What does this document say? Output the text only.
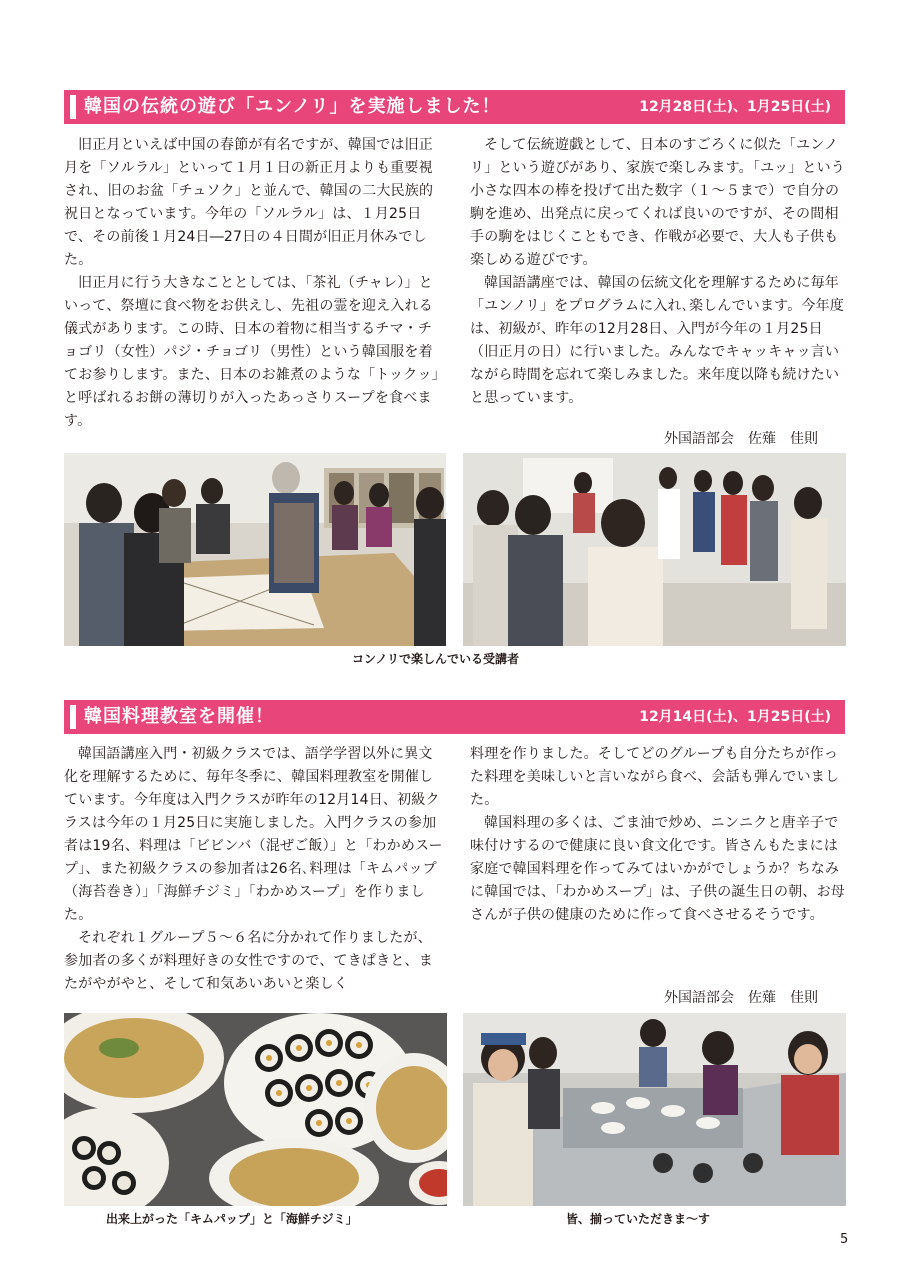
韓国の伝統の遊び「ユンノリ」を実施しました！	12月28日(土)、1月25日(土)

旧正月といえば中国の春節が有名ですが、韓国では旧正月を「ソルラル」といって１月１日の新正月よりも重要視され、旧のお盆「チュソク」と並んで、韓国の二大民族的祝日となっています。今年の「ソルラル」は、１月25日で、その前後１月24日―27日の４日間が旧正月休みでした。

旧正月に行う大きなこととしては、「茶礼（チャレ）」といって、祭壇に食べ物をお供えし、先祖の霊を迎え入れる儀式があります。この時、日本の着物に相当するチマ・チョゴリ（女性）パジ・チョゴリ（男性）という韓国服を着てお参りします。また、日本のお雑煮のような「トックッ」と呼ばれるお餅の薄切りが入ったあっさりスープを食べます。

そして伝統遊戯として、日本のすごろくに似た「ユンノリ」という遊びがあり、家族で楽しみます。「ユッ」という小さな四本の棒を投げて出た数字（１～５まで）で自分の駒を進め、出発点に戻ってくれば良いのですが、その間相手の駒をはじくこともでき、作戦が必要で、大人も子供も楽しめる遊びです。

韓国語講座では、韓国の伝統文化を理解するために毎年「ユンノリ」をプログラムに入れ､楽しんでいます。今年度は、初級が、昨年の12月28日、入門が今年の１月25日（旧正月の日）に行いました。みんなでキャッキャッ言いながら時間を忘れて楽しみました。来年度以降も続けたいと思っています。

外国語部会　佐薙　佳則
コンノリで楽しんでいる受講者
韓国料理教室を開催！	12月14日(土)、1月25日(土)

韓国語講座入門・初級クラスでは、語学学習以外に異文化を理解するために、毎年冬季に、韓国料理教室を開催しています。今年度は入門クラスが昨年の12月14日、初級クラスは今年の１月25日に実施しました。入門クラスの参加者は19名、料理は「ビビンバ（混ぜご飯）」と「わかめスープ」、また初級クラスの参加者は26名､料理は「キムパップ（海苔巻き）」｢海鮮チジミ｣「わかめスープ」を作りました。

それぞれ１グループ５～６名に分かれて作りましたが、参加者の多くが料理好きの女性ですので、てきぱきと、またがやがやと、そして和気あいあいと楽しく

料理を作りました。そしてどのグループも自分たちが作った料理を美味しいと言いながら食べ、会話も弾んでいました。

韓国料理の多くは、ごま油で炒め、ニンニクと唐辛子で味付けするので健康に良い食文化です。皆さんもたまには家庭で韓国料理を作ってみてはいかがでしょうか？ちなみに韓国では、「わかめスープ」は、子供の誕生日の朝、お母さんが子供の健康のために作って食べさせるそうです。

外国語部会　佐薙　佳則
出来上がった「キムパップ」と「海鮮チジミ」	皆、揃っていただきま～す
5
